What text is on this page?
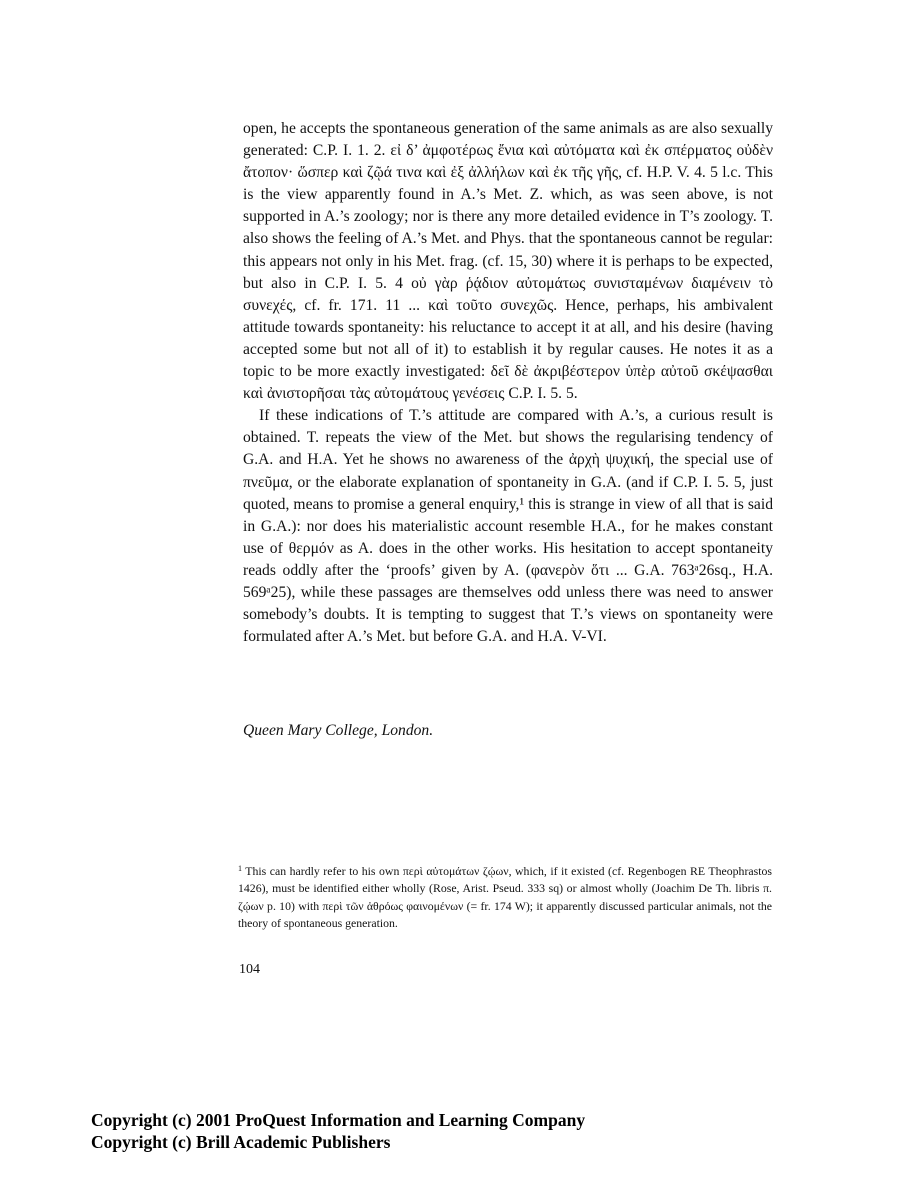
open, he accepts the spontaneous generation of the same animals as are also sexually generated: C.P. I. 1. 2. εἰ δ’ ἀμφοτέρως ἔνια καὶ αὐτόματα καὶ ἐκ σπέρματος οὐδὲν ἄτοπον· ὥσπερ καὶ ζῷά τινα καὶ ἐξ ἀλλήλων καὶ ἐκ τῆς γῆς, cf. H.P. V. 4. 5 l.c. This is the view apparently found in A.’s Met. Z. which, as was seen above, is not supported in A.’s zoology; nor is there any more detailed evidence in T’s zoology. T. also shows the feeling of A.’s Met. and Phys. that the spontaneous cannot be regular: this appears not only in his Met. frag. (cf. 15, 30) where it is perhaps to be expected, but also in C.P. I. 5. 4 οὐ γὰρ ῥᾴδιον αὐτομάτως συνισταμένων διαμένειν τὸ συνεχές, cf. fr. 171. 11 ... καὶ τοῦτο συνεχῶς. Hence, perhaps, his ambivalent attitude towards spontaneity: his reluctance to accept it at all, and his desire (having accepted some but not all of it) to establish it by regular causes. He notes it as a topic to be more exactly investigated: δεῖ δὲ ἀκριβέστερον ὑπὲρ αὐτοῦ σκέψασθαι καὶ ἀνιστορῆσαι τὰς αὐτομάτους γενέσεις C.P. I. 5. 5.

If these indications of T.’s attitude are compared with A.’s, a curious result is obtained. T. repeats the view of the Met. but shows the regularising tendency of G.A. and H.A. Yet he shows no awareness of the ἀρχὴ ψυχική, the special use of πνεῦμα, or the elaborate explanation of spontaneity in G.A. (and if C.P. I. 5. 5, just quoted, means to promise a general enquiry,¹ this is strange in view of all that is said in G.A.): nor does his materialistic account resemble H.A., for he makes constant use of θερμόν as A. does in the other works. His hesitation to accept spontaneity reads oddly after the ‘proofs’ given by A. (φανερὸν ὅτι ... G.A. 763ᵃ26sq., H.A. 569ᵃ25), while these passages are themselves odd unless there was need to answer somebody’s doubts. It is tempting to suggest that T.’s views on spontaneity were formulated after A.’s Met. but before G.A. and H.A. V-VI.

Queen Mary College, London.

$^1$ This can hardly refer to his own περὶ αὐτομάτων ζῴων, which, if it existed (cf. Regenbogen RE Theophrastos 1426), must be identified either wholly (Rose, Arist. Pseud. 333 sq) or almost wholly (Joachim De Th. libris π. ζῴων p. 10) with περὶ τῶν ἀθρόως φαινομένων (= fr. 174 W); it apparently discussed particular animals, not the theory of spontaneous generation.

104
Copyright (c) 2001 ProQuest Information and Learning Company
Copyright (c) Brill Academic Publishers
